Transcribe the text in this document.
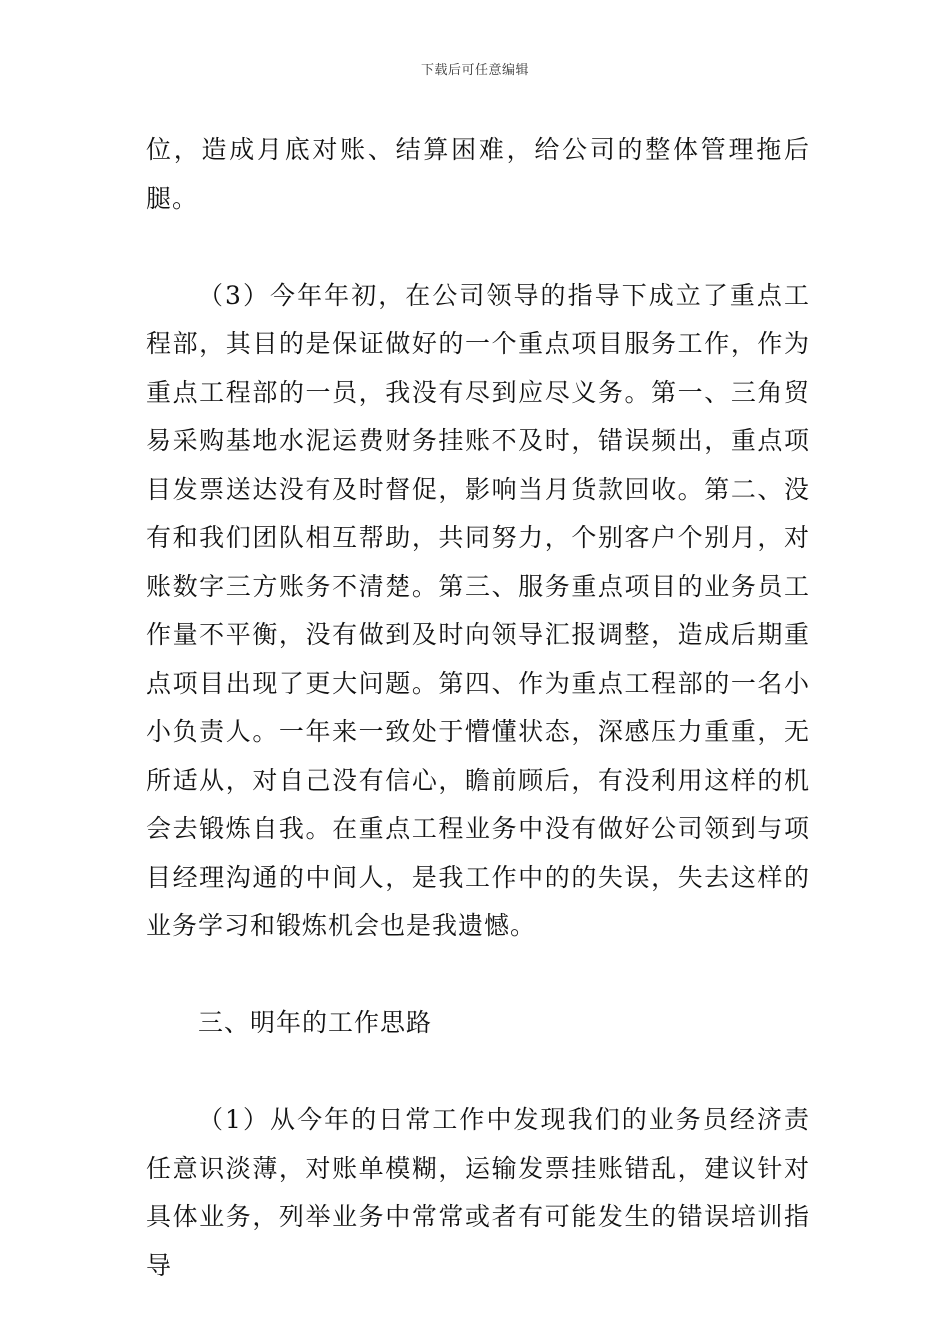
下载后可任意编辑

位，造成月底对账、结算困难，给公司的整体管理拖后腿。

（3）今年年初，在公司领导的指导下成立了重点工程部，其目的是保证做好的一个重点项目服务工作，作为重点工程部的一员，我没有尽到应尽义务。第一、三角贸易采购基地水泥运费财务挂账不及时，错误频出，重点项目发票送达没有及时督促，影响当月货款回收。第二、没有和我们团队相互帮助，共同努力，个别客户个别月，对账数字三方账务不清楚。第三、服务重点项目的业务员工作量不平衡，没有做到及时向领导汇报调整，造成后期重点项目出现了更大问题。第四、作为重点工程部的一名小小负责人。一年来一致处于懵懂状态，深感压力重重，无所适从，对自己没有信心，瞻前顾后，有没利用这样的机会去锻炼自我。在重点工程业务中没有做好公司领到与项目经理沟通的中间人，是我工作中的的失误，失去这样的业务学习和锻炼机会也是我遗憾。

三、明年的工作思路

（1）从今年的日常工作中发现我们的业务员经济责任意识淡薄，对账单模糊，运输发票挂账错乱，建议针对具体业务，列举业务中常常或者有可能发生的错误培训指导
